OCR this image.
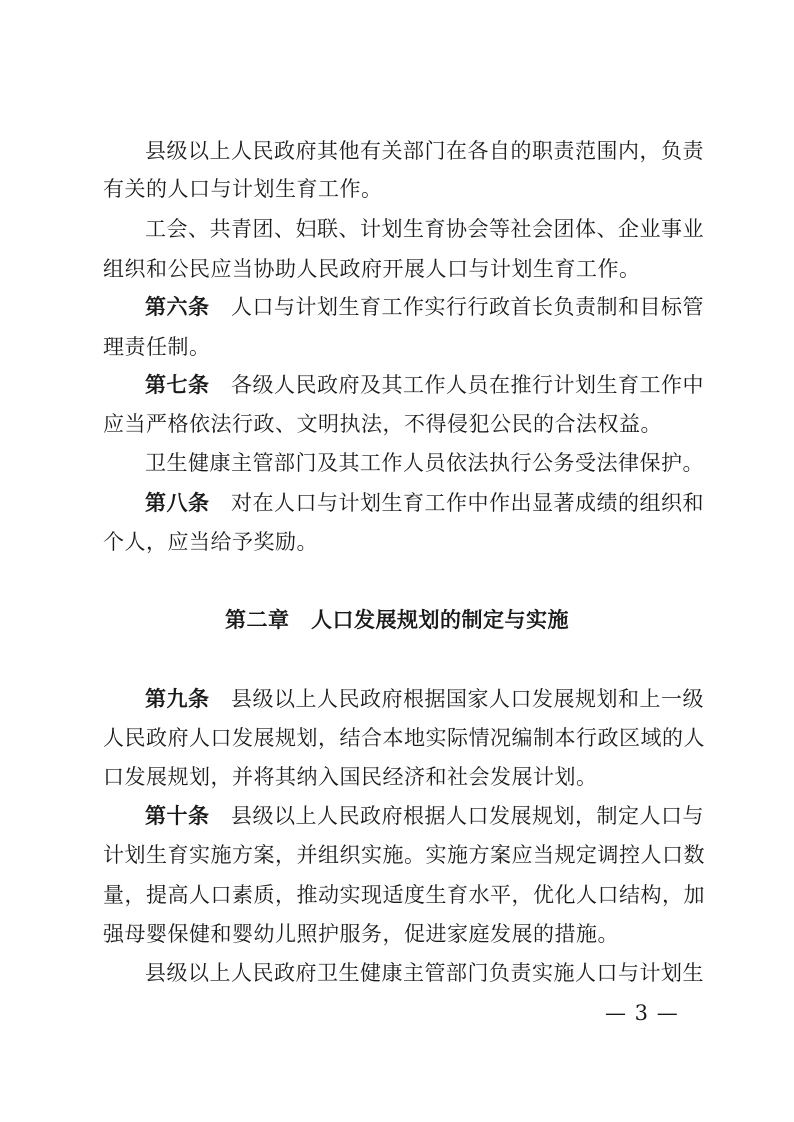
县级以上人民政府其他有关部门在各自的职责范围内，负责
有关的人口与计划生育工作。
工会、共青团、妇联、计划生育协会等社会团体、企业事业
组织和公民应当协助人民政府开展人口与计划生育工作。
第六条　 人口与计划生育工作实行行政首长负责制和目标管
理责任制。
第七条　 各级人民政府及其工作人员在推行计划生育工作中
应当严格依法行政、文明执法，不得侵犯公民的合法权益。
卫生健康主管部门及其工作人员依法执行公务受法律保护。
第八条　 对在人口与计划生育工作中作出显著成绩的组织和
个人，应当给予奖励。
第二章　人口发展规划的制定与实施
第九条　 县级以上人民政府根据国家人口发展规划和上一级
人民政府人口发展规划，结合本地实际情况编制本行政区域的人
口发展规划，并将其纳入国民经济和社会发展计划。
第十条　 县级以上人民政府根据人口发展规划，制定人口与
计划生育实施方案，并组织实施。实施方案应当规定调控人口数
量，提高人口素质，推动实现适度生育水平，优化人口结构，加
强母婴保健和婴幼儿照护服务，促进家庭发展的措施。
县级以上人民政府卫生健康主管部门负责实施人口与计划生
— 3 —
